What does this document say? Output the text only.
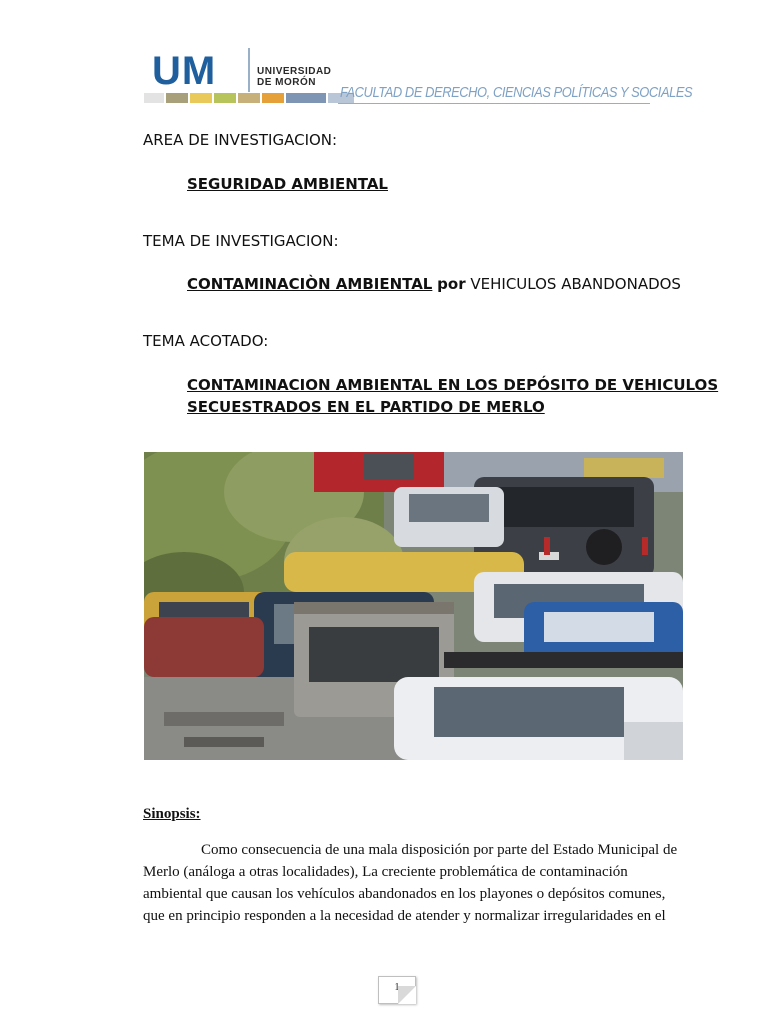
UM	UNIVERSIDAD
DE MORÓN
FACULTAD DE DERECHO, CIENCIAS POLÍTICAS Y SOCIALES
AREA DE INVESTIGACION:
SEGURIDAD AMBIENTAL
TEMA DE INVESTIGACION:
CONTAMINACIÒN AMBIENTAL por VEHICULOS ABANDONADOS
TEMA ACOTADO:
CONTAMINACION AMBIENTAL EN LOS DEPÓSITO DE VEHICULOS
SECUESTRADOS EN EL PARTIDO DE MERLO
Sinopsis:
Como consecuencia de una mala disposición por parte del Estado Municipal de
Merlo (análoga a otras localidades), La creciente problemática de contaminación
ambiental que causan los vehículos abandonados en los playones o depósitos comunes,
que en principio responden a la necesidad de atender y normalizar irregularidades en el
1
